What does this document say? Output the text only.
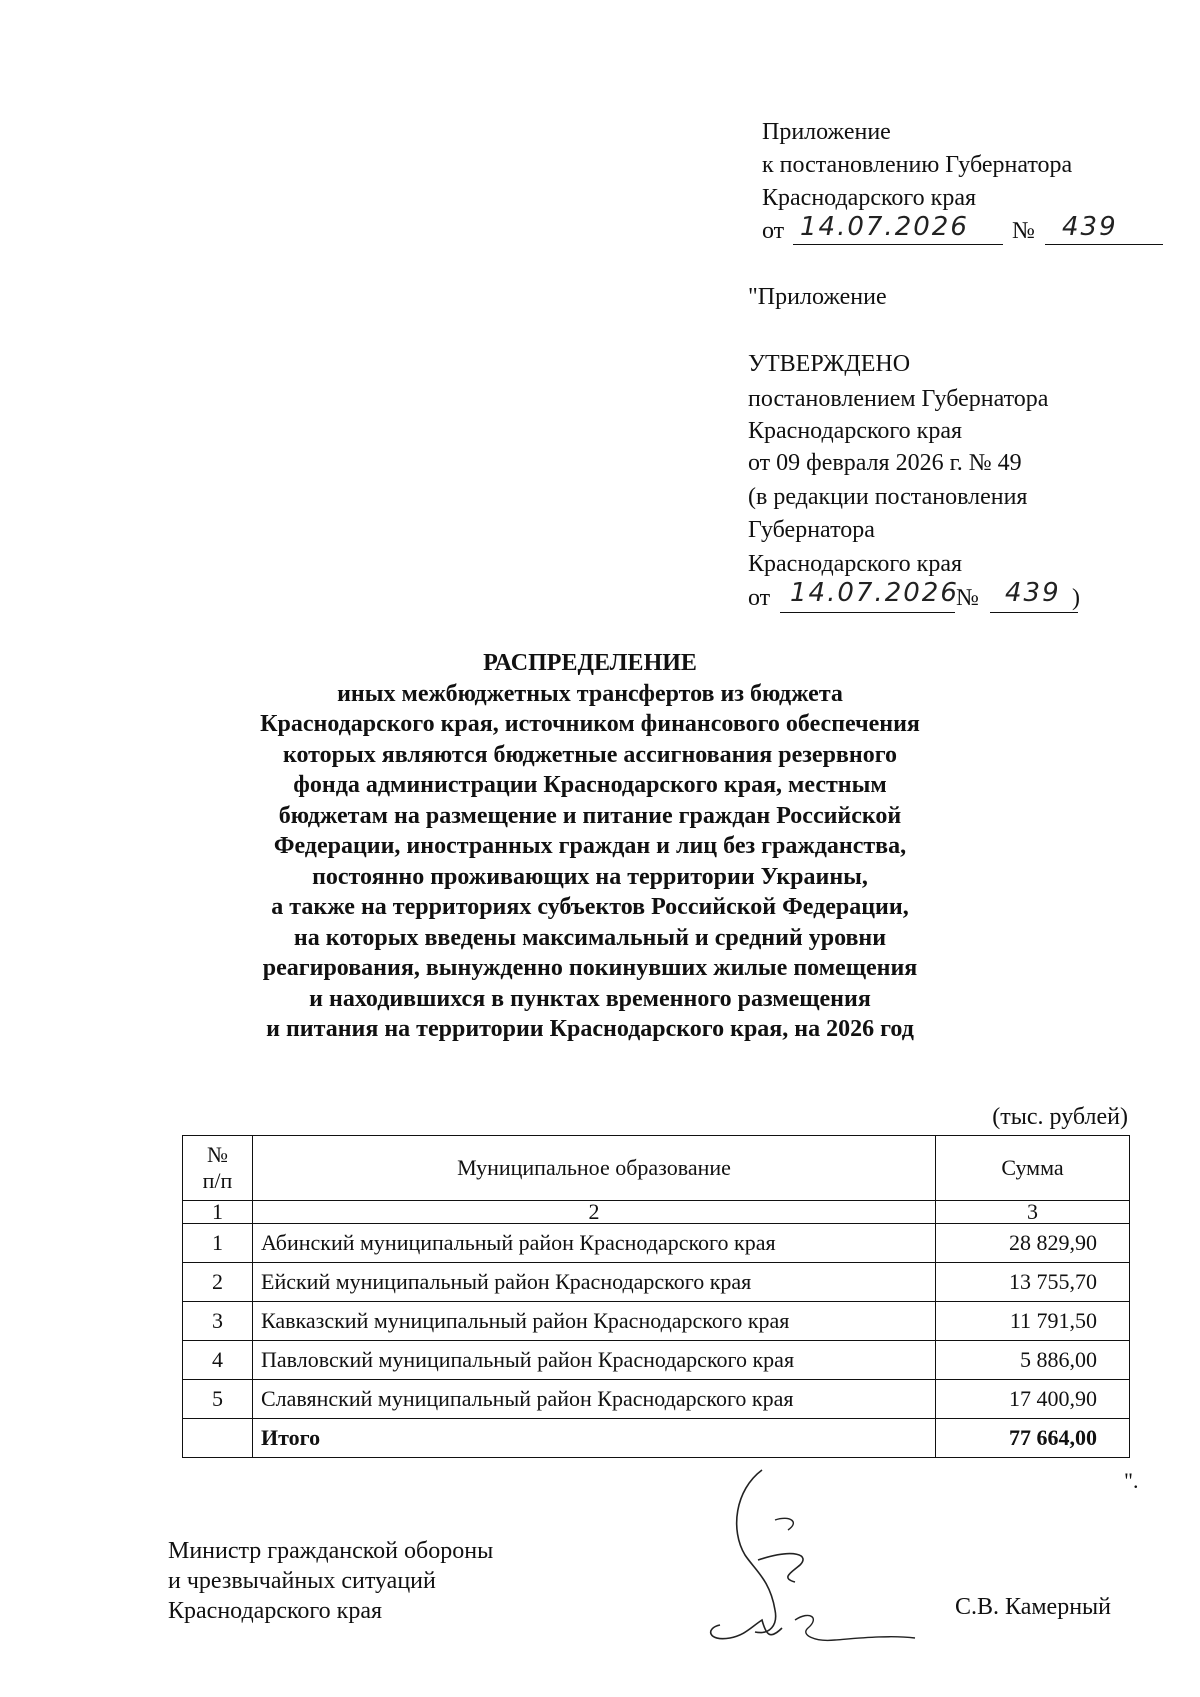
Приложение
к постановлению Губернатора
Краснодарского края
от 14.07.2026 № 439
"Приложение
УТВЕРЖДЕНО
постановлением Губернатора
Краснодарского края
от 09 февраля 2026 г. № 49
(в редакции постановления
Губернатора
Краснодарского края
от 14.07.2026
№ 439 )
РАСПРЕДЕЛЕНИЕ
иных межбюджетных трансфертов из бюджета
Краснодарского края, источником финансового обеспечения
которых являются бюджетные ассигнования резервного
фонда администрации Краснодарского края, местным
бюджетам на размещение и питание граждан Российской
Федерации, иностранных граждан и лиц без гражданства,
постоянно проживающих на территории Украины,
а также на территориях субъектов Российской Федерации,
на которых введены максимальный и средний уровни
реагирования, вынужденно покинувших жилые помещения
и находившихся в пунктах временного размещения
и питания на территории Краснодарского края, на 2026 год
(тыс. рублей)
№
п/п	Муниципальное образование	Сумма
1	2	3
1	Абинский муниципальный район Краснодарского края	28 829,90
2	Ейский муниципальный район Краснодарского края	13 755,70
3	Кавказский муниципальный район Краснодарского края	11 791,50
4	Павловский муниципальный район Краснодарского края	5 886,00
5	Славянский муниципальный район Краснодарского края	17 400,90
	Итого	77 664,00
".
Министр гражданской обороны
и чрезвычайных ситуаций
Краснодарского края	С.В. Камерный
